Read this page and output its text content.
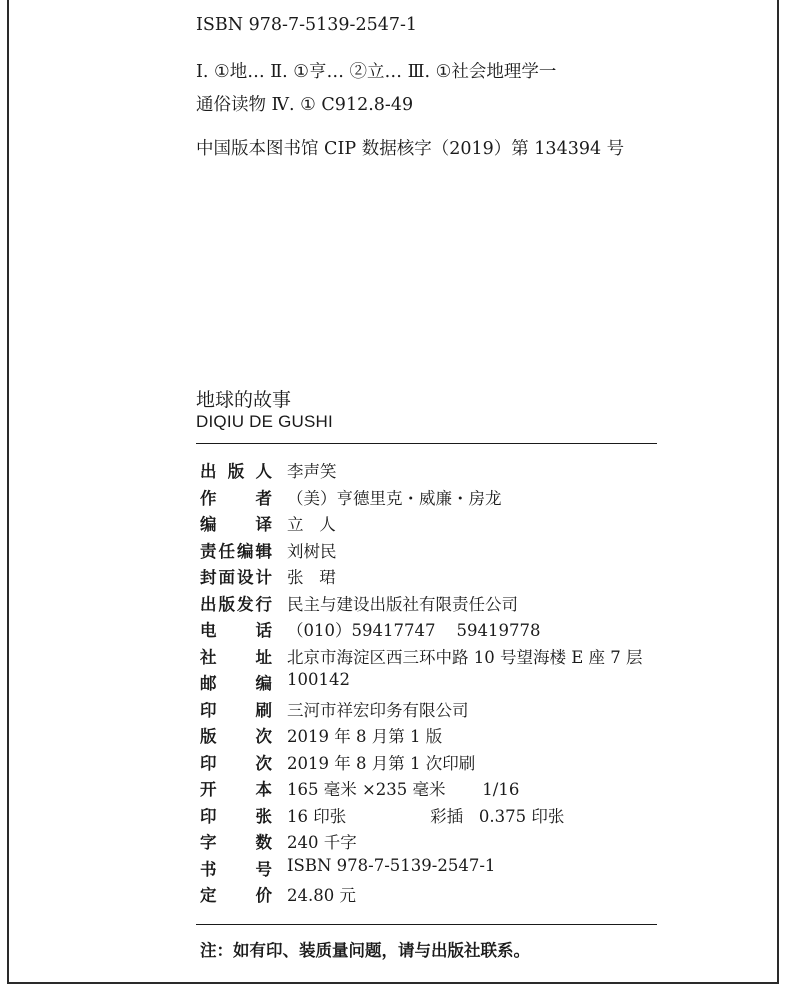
ISBN 978-7-5139-2547-1
Ⅰ. ①地… Ⅱ. ①亨… ②立… Ⅲ. ①社会地理学一
通俗读物 Ⅳ. ① C912.8-49
中国版本图书馆 CIP 数据核字（2019）第 134394 号
地球的故事
DIQIU DE GUSHI
出 版 人 李声笑
作 者 （美）亨德里克・威廉・房龙
编 译 立   人
责 任 编 辑 刘树民
封 面 设 计 张   珺
出 版 发 行 民主与建设出版社有限责任公司
电 话 （010）59417747    59419778
社 址 北京市海淀区西三环中路 10 号望海楼 E 座 7 层
邮 编 100142
印 刷 三河市祥宏印务有限公司
版 次 2019 年 8 月第 1 版
印 次 2019 年 8 月第 1 次印刷
开 本 165 毫米 ×235 毫米       1/16
印 张 16 印张                彩插   0.375 印张
字 数 240 千字
书 号 ISBN 978-7-5139-2547-1
定 价 24.80 元
注：如有印、装质量问题，请与出版社联系。
